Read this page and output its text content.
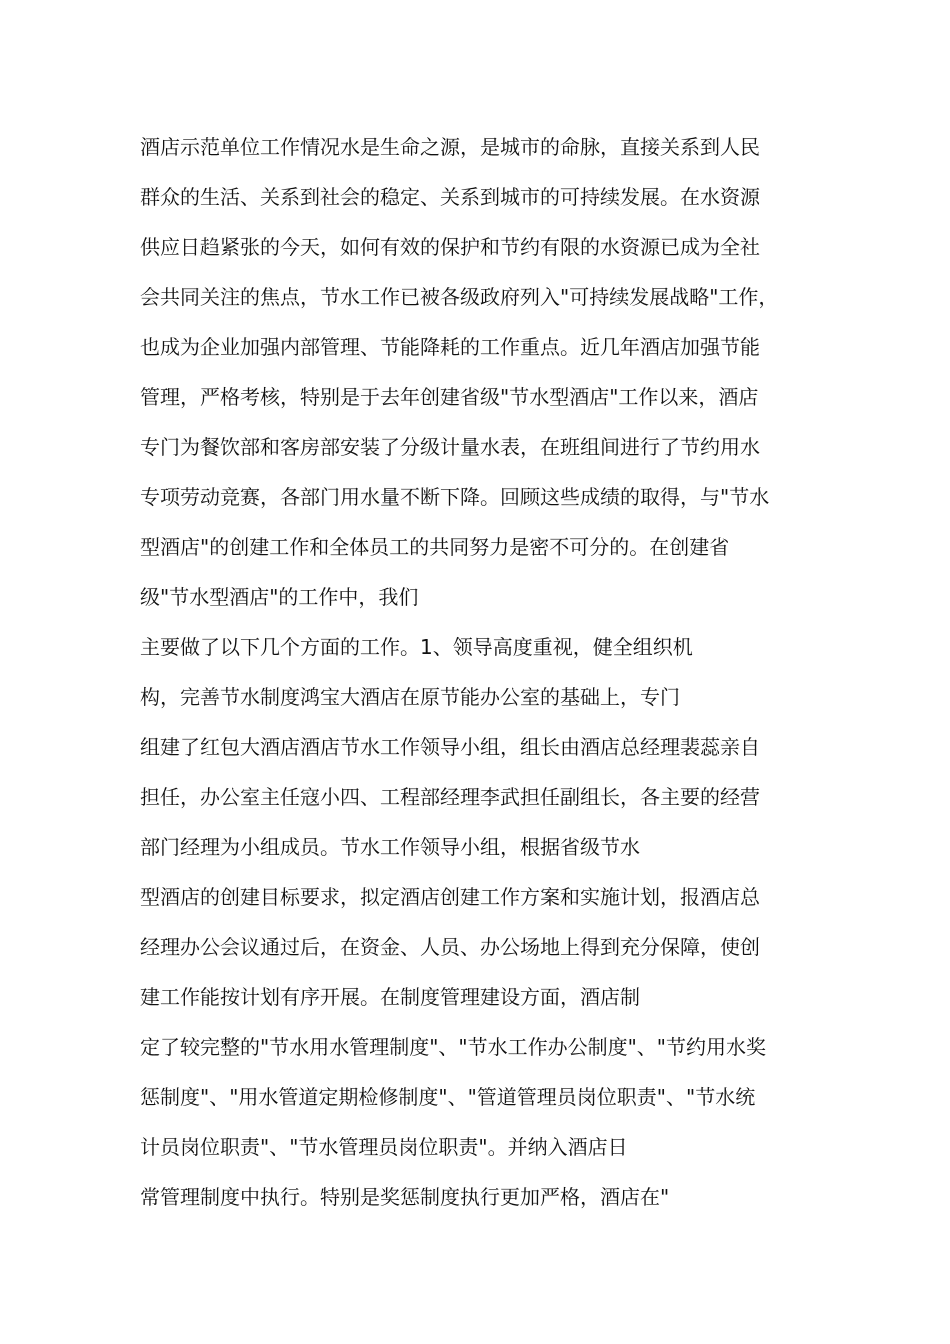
酒店示范单位工作情况水是生命之源，是城市的命脉，直接关系到人民
群众的生活、关系到社会的稳定、关系到城市的可持续发展。在水资源
供应日趋紧张的今天，如何有效的保护和节约有限的水资源已成为全社
会共同关注的焦点，节水工作已被各级政府列入"可持续发展战略"工作，
也成为企业加强内部管理、节能降耗的工作重点。近几年酒店加强节能
管理，严格考核，特别是于去年创建省级"节水型酒店"工作以来，酒店
专门为餐饮部和客房部安装了分级计量水表，在班组间进行了节约用水
专项劳动竞赛，各部门用水量不断下降。回顾这些成绩的取得，与"节水
型酒店"的创建工作和全体员工的共同努力是密不可分的。在创建省
级"节水型酒店"的工作中，我们
主要做了以下几个方面的工作。1、领导高度重视，健全组织机
构，完善节水制度鸿宝大酒店在原节能办公室的基础上，专门
组建了红包大酒店酒店节水工作领导小组，组长由酒店总经理裴蕊亲自
担任，办公室主任寇小四、工程部经理李武担任副组长，各主要的经营
部门经理为小组成员。节水工作领导小组，根据省级节水
型酒店的创建目标要求，拟定酒店创建工作方案和实施计划，报酒店总
经理办公会议通过后，在资金、人员、办公场地上得到充分保障，使创
建工作能按计划有序开展。在制度管理建设方面，酒店制
定了较完整的"节水用水管理制度"、"节水工作办公制度"、"节约用水奖
惩制度"、"用水管道定期检修制度"、"管道管理员岗位职责"、"节水统
计员岗位职责"、"节水管理员岗位职责"。并纳入酒店日
常管理制度中执行。特别是奖惩制度执行更加严格，酒店在"
